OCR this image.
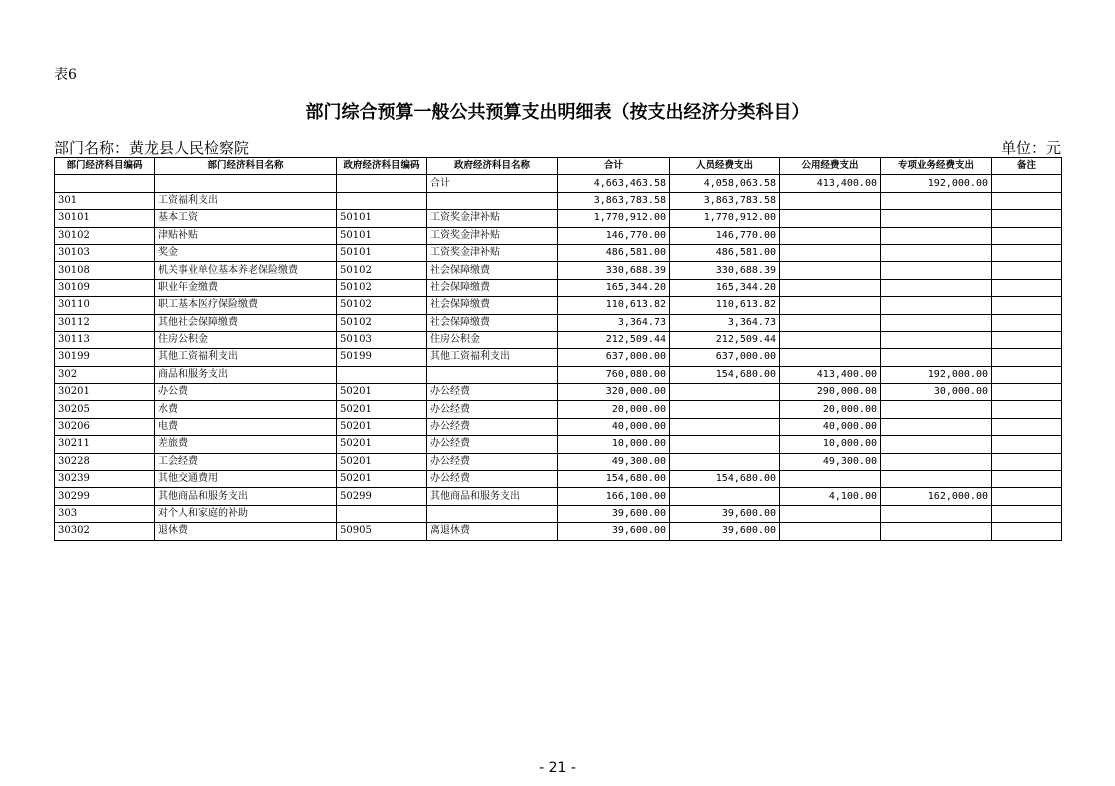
表6
部门综合预算一般公共预算支出明细表（按支出经济分类科目）
部门名称：黄龙县人民检察院	单位：元
部门经济科目编码	部门经济科目名称	政府经济科目编码	政府经济科目名称	合计	人员经费支出	公用经费支出	专项业务经费支出	备注
			合计	4,663,463.58	4,058,063.58	413,400.00	192,000.00	
301	工资福利支出			3,863,783.58	3,863,783.58			
30101	基本工资	50101	工资奖金津补贴	1,770,912.00	1,770,912.00			
30102	津贴补贴	50101	工资奖金津补贴	146,770.00	146,770.00			
30103	奖金	50101	工资奖金津补贴	486,581.00	486,581.00			
30108	机关事业单位基本养老保险缴费	50102	社会保障缴费	330,688.39	330,688.39			
30109	职业年金缴费	50102	社会保障缴费	165,344.20	165,344.20			
30110	职工基本医疗保险缴费	50102	社会保障缴费	110,613.82	110,613.82			
30112	其他社会保障缴费	50102	社会保障缴费	3,364.73	3,364.73			
30113	住房公积金	50103	住房公积金	212,509.44	212,509.44			
30199	其他工资福利支出	50199	其他工资福利支出	637,000.00	637,000.00			
302	商品和服务支出			760,080.00	154,680.00	413,400.00	192,000.00	
30201	办公费	50201	办公经费	320,000.00		290,000.00	30,000.00	
30205	水费	50201	办公经费	20,000.00		20,000.00		
30206	电费	50201	办公经费	40,000.00		40,000.00		
30211	差旅费	50201	办公经费	10,000.00		10,000.00		
30228	工会经费	50201	办公经费	49,300.00		49,300.00		
30239	其他交通费用	50201	办公经费	154,680.00	154,680.00			
30299	其他商品和服务支出	50299	其他商品和服务支出	166,100.00		4,100.00	162,000.00	
303	对个人和家庭的补助			39,600.00	39,600.00			
30302	退休费	50905	离退休费	39,600.00	39,600.00			
- 21 -
